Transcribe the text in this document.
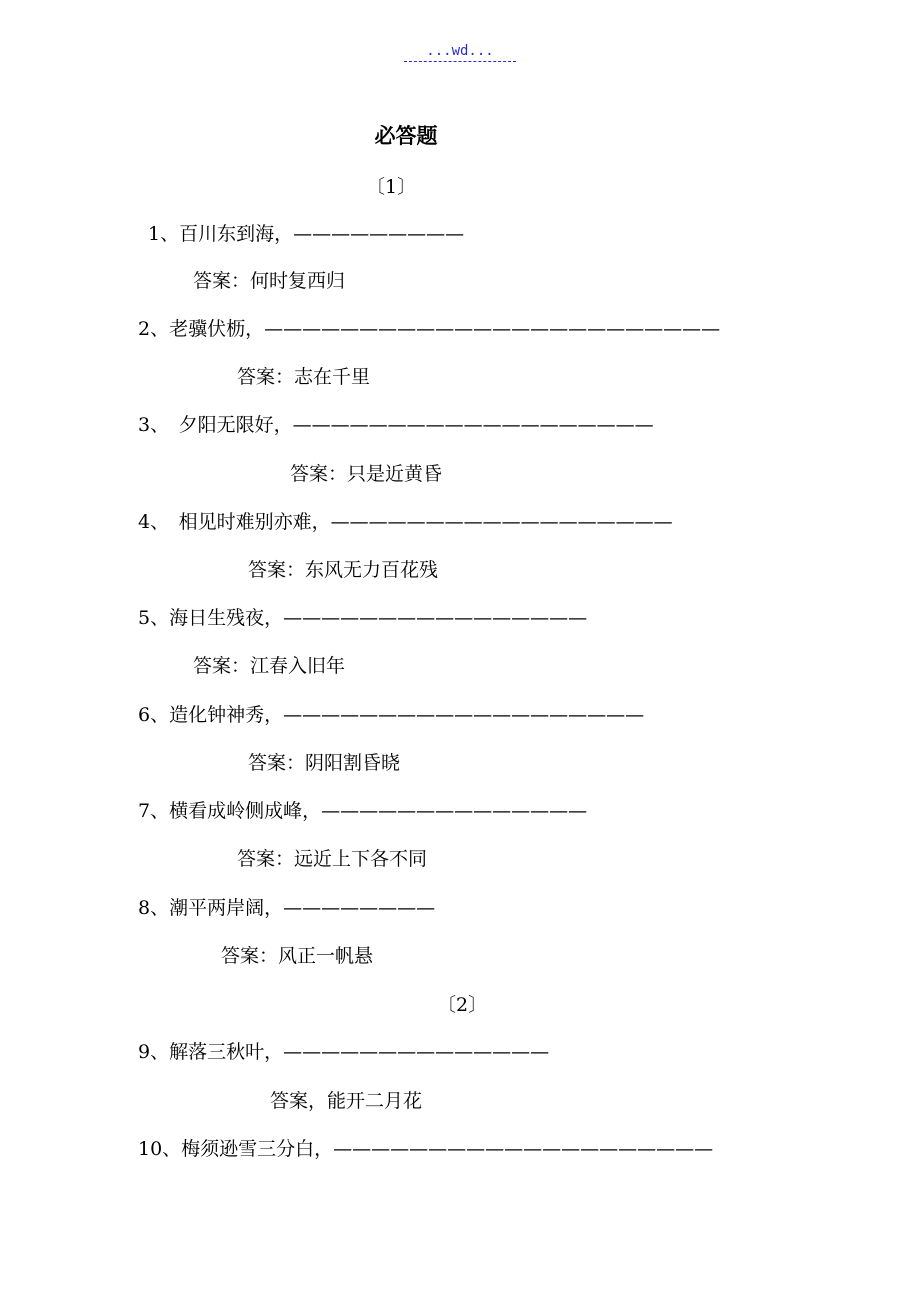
...wd...
必答题
〔1〕
1、百川东到海，—————————
答案：何时复西归
2、老骥伏枥，————————————————————————
答案：志在千里
3、　夕阳无限好，———————————————————
答案：只是近黄昏
4、　相见时难别亦难，——————————————————
答案：东风无力百花残
5、海日生残夜，————————————————
答案：江春入旧年
6、造化钟神秀，———————————————————
答案：阴阳割昏晓
7、横看成岭侧成峰，——————————————
答案：远近上下各不同
8、潮平两岸阔，————————
答案：风正一帆悬
〔2〕
9、解落三秋叶，——————————————
答案，能开二月花
10、梅须逊雪三分白，————————————————————
